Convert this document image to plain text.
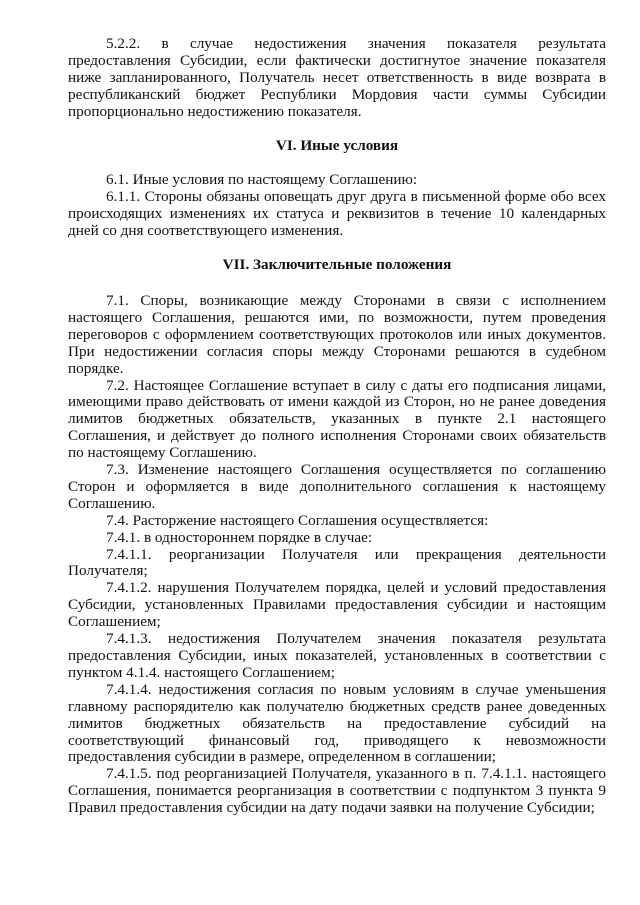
5.2.2. в случае недостижения значения показателя результата предоставления Субсидии, если фактически достигнутое значение показателя ниже запланированного, Получатель несет ответственность в виде возврата в республиканский бюджет Республики Мордовия части суммы Субсидии пропорционально недостижению показателя.

VI. Иные условия

6.1. Иные условия по настоящему Соглашению:

6.1.1. Стороны обязаны оповещать друг друга в письменной форме обо всех происходящих изменениях их статуса и реквизитов в течение 10 календарных дней со дня соответствующего изменения.

VII. Заключительные положения

7.1. Споры, возникающие между Сторонами в связи с исполнением настоящего Соглашения, решаются ими, по возможности, путем проведения переговоров с оформлением соответствующих протоколов или иных документов. При недостижении согласия споры между Сторонами решаются в судебном порядке.

7.2. Настоящее Соглашение вступает в силу с даты его подписания лицами, имеющими право действовать от имени каждой из Сторон, но не ранее доведения лимитов бюджетных обязательств, указанных в пункте 2.1 настоящего Соглашения, и действует до полного исполнения Сторонами своих обязательств по настоящему Соглашению.

7.3. Изменение настоящего Соглашения осуществляется по соглашению Сторон и оформляется в виде дополнительного соглашения к настоящему Соглашению.

7.4. Расторжение настоящего Соглашения осуществляется:

7.4.1. в одностороннем порядке в случае:

7.4.1.1. реорганизации Получателя или прекращения деятельности Получателя;

7.4.1.2. нарушения Получателем порядка, целей и условий предоставления Субсидии, установленных Правилами предоставления субсидии и настоящим Соглашением;

7.4.1.3. недостижения Получателем значения показателя результата предоставления Субсидии, иных показателей, установленных в соответствии с пунктом 4.1.4. настоящего Соглашением;

7.4.1.4. недостижения согласия по новым условиям в случае уменьшения главному распорядителю как получателю бюджетных средств ранее доведенных лимитов бюджетных обязательств на предоставление субсидий на соответствующий финансовый год, приводящего к невозможности предоставления субсидии в размере, определенном в соглашении;

7.4.1.5. под реорганизацией Получателя, указанного в п. 7.4.1.1. настоящего Соглашения, понимается реорганизация в соответствии с подпунктом 3 пункта 9 Правил предоставления субсидии на дату подачи заявки на получение Субсидии;
